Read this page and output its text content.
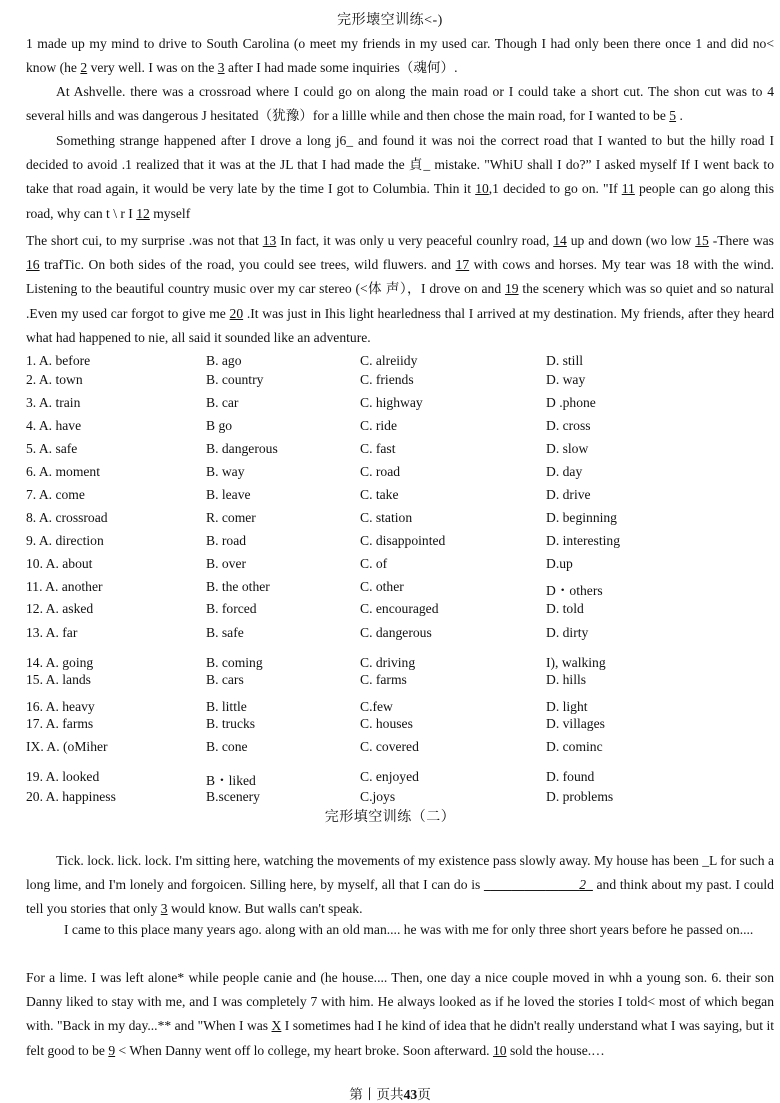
完形壊空训练<-)

1 made up my mind to drive to South Carolina (o meet my friends in my used car. Though I had only been there once 1 and did no< know (he 2 very well. I was on the 3 after I had made some inquiries（魂何）.

At Ashvelle. there was a crossroad where I could go on along the main road or I could take a short cut. The shon cut was to 4 several hills and was dangerous J hesitated（犹豫）for a lillle while and then chose the main road, for I wanted to be 5 .

Something strange happened after I drove a long j6_ and found it was noi the correct road that I wanted to but the hilly road I decided to avoid .1 realized that it was at the JL that I had made the 貞_ mistake. "WhiU shall I do?” I asked myself If I went back to take that road again, it would be very late by the time I got to Columbia. Thin it 10,1 decided to go on. "If 11 people can go along this road, why can t \ r I 12 myself

The short cui, to my surprise .was not that 13 In fact, it was only u very peaceful counlry road, 14 up and down (wo low 15 -There was 16 trafTic. On both sides of the road, you could see trees, wild fluwers. and 17 with cows and horses. My tear was 18 with the wind. Listening to the beautiful country music over my car stereo (<体 声），I drove on and 19 the scenery which was so quiet and so natural .Even my used car forgot to give me 20 .It was just in Ihis light hearledness thal I arrived at my destination. My friends, after they heard what had happened to nie, all said it sounded like an adventure.

1. A. before	B. ago	C. alreiidy	D. still
2. A. town	B. country	C. friends	D. way
3. A. train	B. car	C. highway	D .phone
4. A. have	B go	C. ride	D. cross
5. A. safe	B. dangerous	C. fast	D. slow
6. A. moment	B. way	C. road	D. day
7. A. come	B. leave	C. take	D. drive
8. A. crossroad	R. comer	C. station	D. beginning
9. A. direction	B. road	C. disappointed	D. interesting
10. A. about	B. over	C. of	D.up
11. A. another	B. the other	C. other	D・others
12. A. asked	B. forced	C. encouraged	D. told
13. A. far	B. safe	C. dangerous	D. dirty
14. A. going	B. coming	C. driving	I), walking
15. A. lands	B. cars	C. farms	D. hills
16. A. heavy	B. little	C.few	D. light
17. A. farms	B. trucks	C. houses	D. villages
IX. A. (oMiher	B. cone	C. covered	D. cominc
19. A. looked	B・liked	C. enjoyed	D. found
20. A. happiness	B.scenery	C.joys	D. problems
完形填空训练（二）

Tick. lock. lick. lock. I'm sitting here, watching the movements of my existence pass slowly away. My house has been _L for such a long lime, and I'm lonely and forgoicen. Silling here, by myself, all that I can do is ______________2_ and think about my past. I could tell you stories that only 3 would know. But walls can't speak.

I came to this place many years ago. along with an old man.... he was with me for only three short years before he passed on....

For a lime. I was left alone* while people canie and (he house.... Then, one day a nice couple moved in whh a young son. 6. their son Danny liked to stay with me, and I was completely 7 with him. He always looked as if he loved the stories I told< most of which began with. "Back in my day...** and "When I was X I sometimes had I he kind of idea that he didn't really understand what I was saying, but it felt good to be 9 < When Danny went off lo college, my heart broke. Soon afterward. 10 sold the house.…

第丨页共43页
